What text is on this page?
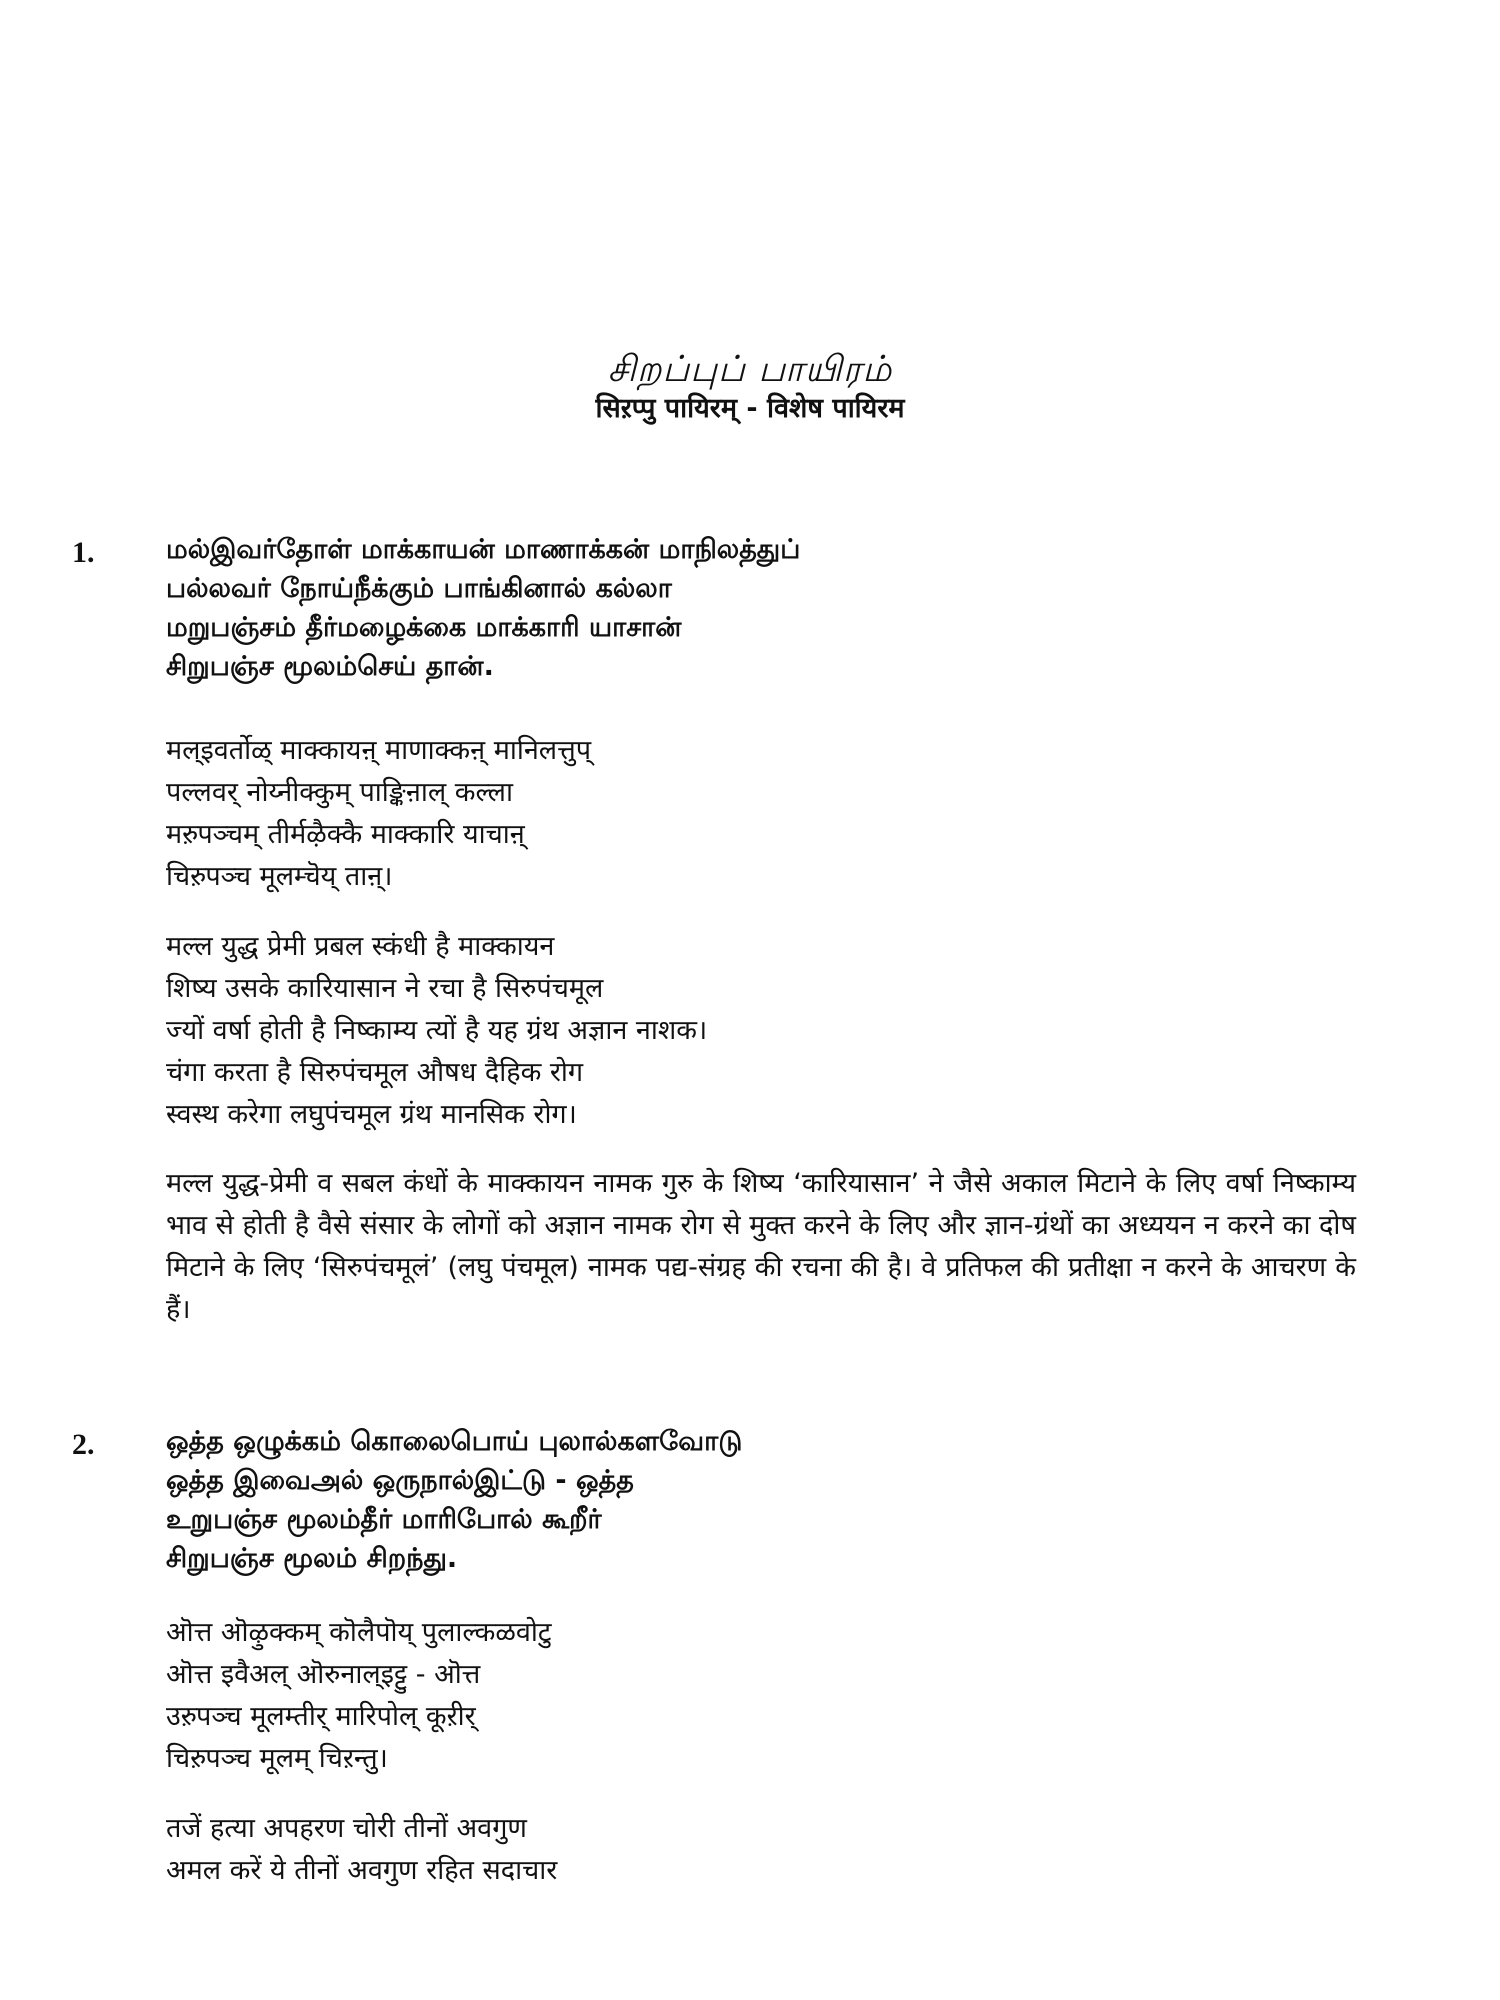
சிறப்புப் பாயிரம்
सिऱप्पु पायिरम् - विशेष पायिरम
1.	மல்இவர்தோள் மாக்காயன் மாணாக்கன் மாநிலத்துப்
பல்லவர் நோய்நீக்கும் பாங்கினால் கல்லா
மறுபஞ்சம் தீர்மழைக்கை மாக்காரி யாசான்
சிறுபஞ்ச மூலம்செய் தான்.
मल्इवर्तोळ् माक्कायऩ् माणाक्कऩ् मानिलत्तुप्
पल्लवर् नोय्नीक्कुम् पाङ्किऩाल् कल्ला
मऱुपञ्चम् तीर्मऴैक्कै माक्कारि याचाऩ्
चिऱुपञ्च मूलम्चॆय् ताऩ्।
मल्ल युद्ध प्रेमी प्रबल स्कंधी है माक्कायन
शिष्य उसके कारियासान ने रचा है सिरुपंचमूल
ज्यों वर्षा होती है निष्काम्य त्यों है यह ग्रंथ अज्ञान नाशक।
चंगा करता है सिरुपंचमूल औषध दैहिक रोग
स्वस्थ करेगा लघुपंचमूल ग्रंथ मानसिक रोग।
मल्ल युद्ध-प्रेमी व सबल कंधों के माक्कायन नामक गुरु के शिष्य ‘कारियासान’ ने जैसे अकाल मिटाने के लिए वर्षा निष्काम्य भाव से होती है वैसे संसार के लोगों को अज्ञान नामक रोग से मुक्त करने के लिए और ज्ञान-ग्रंथों का अध्ययन न करने का दोष मिटाने के लिए ‘सिरुपंचमूलं’ (लघु पंचमूल) नामक पद्य-संग्रह की रचना की है। वे प्रतिफल की प्रतीक्षा न करने के आचरण के हैं।
2.	ஒத்த ஒழுக்கம் கொலைபொய் புலால்களவோடு
ஒத்த இவைஅல் ஒருநால்இட்டு - ஒத்த
உறுபஞ்ச மூலம்தீர் மாரிபோல் கூறீர்
சிறுபஞ்ச மூலம் சிறந்து.
ऒत्त ऒऴुक्कम् कॊलैपॊय् पुलाल्कळवोटु
ऒत्त इवैअल् ऒरुनाल्इट्टु - ऒत्त
उऱुपञ्च मूलम्तीर् मारिपोल् कूऱीर्
चिऱुपञ्च मूलम् चिऱन्तु।
तजें हत्या अपहरण चोरी तीनों अवगुण
अमल करें ये तीनों अवगुण रहित सदाचार
